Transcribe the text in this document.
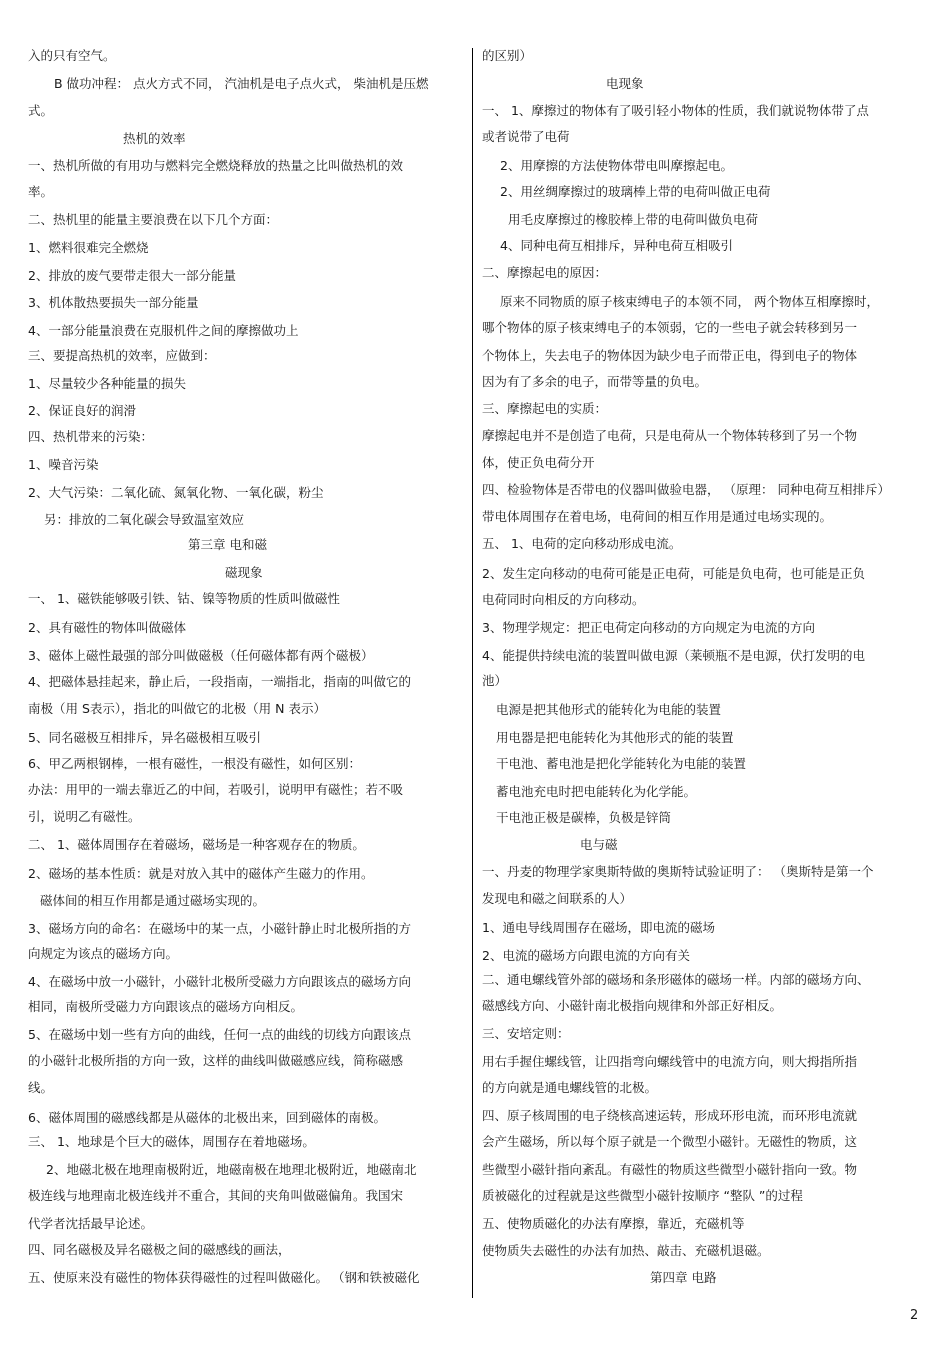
入的只有空气。
B 做功冲程： 点火方式不同， 汽油机是电子点火式， 柴油机是压燃
式。
热机的效率
一、热机所做的有用功与燃料完全燃烧释放的热量之比叫做热机的效
率。
二、热机里的能量主要浪费在以下几个方面：
1、燃料很难完全燃烧
2、排放的废气要带走很大一部分能量
3、机体散热要损失一部分能量
4、一部分能量浪费在克服机件之间的摩擦做功上
三、要提高热机的效率，应做到：
1、尽量较少各种能量的损失
2、保证良好的润滑
四、热机带来的污染：
1、噪音污染
2、大气污染：二氧化硫、氮氧化物、一氧化碳，粉尘
另：排放的二氧化碳会导致温室效应
第三章 电和磁
磁现象
一、 1、磁铁能够吸引铁、钴、镍等物质的性质叫做磁性
2、具有磁性的物体叫做磁体
3、磁体上磁性最强的部分叫做磁极（任何磁体都有两个磁极）
4、把磁体悬挂起来，静止后，一段指南，一端指北，指南的叫做它的
南极（用 S表示），指北的叫做它的北极（用 N 表示）
5、同名磁极互相排斥，异名磁极相互吸引
6、甲乙两根钢棒，一根有磁性，一根没有磁性，如何区别：
办法：用甲的一端去靠近乙的中间，若吸引，说明甲有磁性；若不吸
引，说明乙有磁性。
二、 1、磁体周围存在着磁场，磁场是一种客观存在的物质。
2、磁场的基本性质：就是对放入其中的磁体产生磁力的作用。
磁体间的相互作用都是通过磁场实现的。
3、磁场方向的命名：在磁场中的某一点，小磁针静止时北极所指的方
向规定为该点的磁场方向。
4、在磁场中放一小磁针，小磁针北极所受磁力方向跟该点的磁场方向
相同，南极所受磁力方向跟该点的磁场方向相反。
5、在磁场中划一些有方向的曲线，任何一点的曲线的切线方向跟该点
的小磁针北极所指的方向一致，这样的曲线叫做磁感应线，简称磁感
线。
6、磁体周围的磁感线都是从磁体的北极出来，回到磁体的南极。
三、 1、地球是个巨大的磁体，周围存在着地磁场。
2、地磁北极在地理南极附近，地磁南极在地理北极附近，地磁南北
极连线与地理南北极连线并不重合，其间的夹角叫做磁偏角。我国宋
代学者沈括最早论述。
四、同名磁极及异名磁极之间的磁感线的画法，
五、使原来没有磁性的物体获得磁性的过程叫做磁化。 （钢和铁被磁化
的区别）
电现象
一、 1、摩擦过的物体有了吸引轻小物体的性质，我们就说物体带了点
或者说带了电荷
2、用摩擦的方法使物体带电叫摩擦起电。
2、用丝绸摩擦过的玻璃棒上带的电荷叫做正电荷
用毛皮摩擦过的橡胶棒上带的电荷叫做负电荷
4、同种电荷互相排斥，异种电荷互相吸引
二、摩擦起电的原因：
原来不同物质的原子核束缚电子的本领不同， 两个物体互相摩擦时，
哪个物体的原子核束缚电子的本领弱，它的一些电子就会转移到另一
个物体上，失去电子的物体因为缺少电子而带正电，得到电子的物体
因为有了多余的电子，而带等量的负电。
三、摩擦起电的实质：
摩擦起电并不是创造了电荷，只是电荷从一个物体转移到了另一个物
体，使正负电荷分开
四、检验物体是否带电的仪器叫做验电器， （原理： 同种电荷互相排斥）
带电体周围存在着电场，电荷间的相互作用是通过电场实现的。
五、 1、电荷的定向移动形成电流。
2、发生定向移动的电荷可能是正电荷，可能是负电荷，也可能是正负
电荷同时向相反的方向移动。
3、物理学规定：把正电荷定向移动的方向规定为电流的方向
4、能提供持续电流的装置叫做电源（莱顿瓶不是电源，伏打发明的电
池）
电源是把其他形式的能转化为电能的装置
用电器是把电能转化为其他形式的能的装置
干电池、蓄电池是把化学能转化为电能的装置
蓄电池充电时把电能转化为化学能。
干电池正极是碳棒，负极是锌筒
电与磁
一、丹麦的物理学家奥斯特做的奥斯特试验证明了： （奥斯特是第一个
发现电和磁之间联系的人）
1、通电导线周围存在磁场，即电流的磁场
2、电流的磁场方向跟电流的方向有关
二、通电螺线管外部的磁场和条形磁体的磁场一样。内部的磁场方向、
磁感线方向、小磁针南北极指向规律和外部正好相反。
三、安培定则：
用右手握住螺线管，让四指弯向螺线管中的电流方向，则大拇指所指
的方向就是通电螺线管的北极。
四、原子核周围的电子绕核高速运转，形成环形电流，而环形电流就
会产生磁场，所以每个原子就是一个微型小磁针。无磁性的物质，这
些微型小磁针指向紊乱。有磁性的物质这些微型小磁针指向一致。物
质被磁化的过程就是这些微型小磁针按顺序 “整队 ”的过程
五、使物质磁化的办法有摩擦，靠近，充磁机等
使物质失去磁性的办法有加热、敲击、充磁机退磁。
第四章 电路
2
